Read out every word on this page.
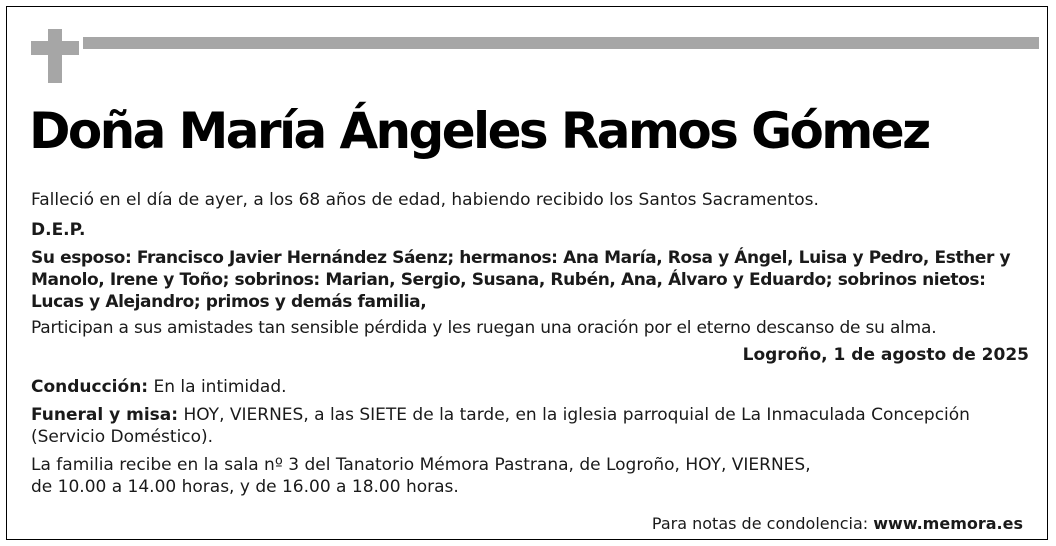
Doña María Ángeles Ramos Gómez

Falleció en el día de ayer, a los 68 años de edad, habiendo recibido los Santos Sacramentos.

D.E.P.

Su esposo: Francisco Javier Hernández Sáenz; hermanos: Ana María, Rosa y Ángel, Luisa y Pedro, Esther y Manolo, Irene y Toño; sobrinos: Marian, Sergio, Susana, Rubén, Ana, Álvaro y Eduardo; sobrinos nietos: Lucas y Alejandro; primos y demás familia,

Participan a sus amistades tan sensible pérdida y les ruegan una oración por el eterno descanso de su alma.

Logroño, 1 de agosto de 2025

Conducción: En la intimidad.

Funeral y misa: HOY, VIERNES, a las SIETE de la tarde, en la iglesia parroquial de La Inmaculada Concepción (Servicio Doméstico).

La familia recibe en la sala nº 3 del Tanatorio Mémora Pastrana, de Logroño, HOY, VIERNES,

de 10.00 a 14.00 horas, y de 16.00 a 18.00 horas.

Para notas de condolencia: www.memora.es
